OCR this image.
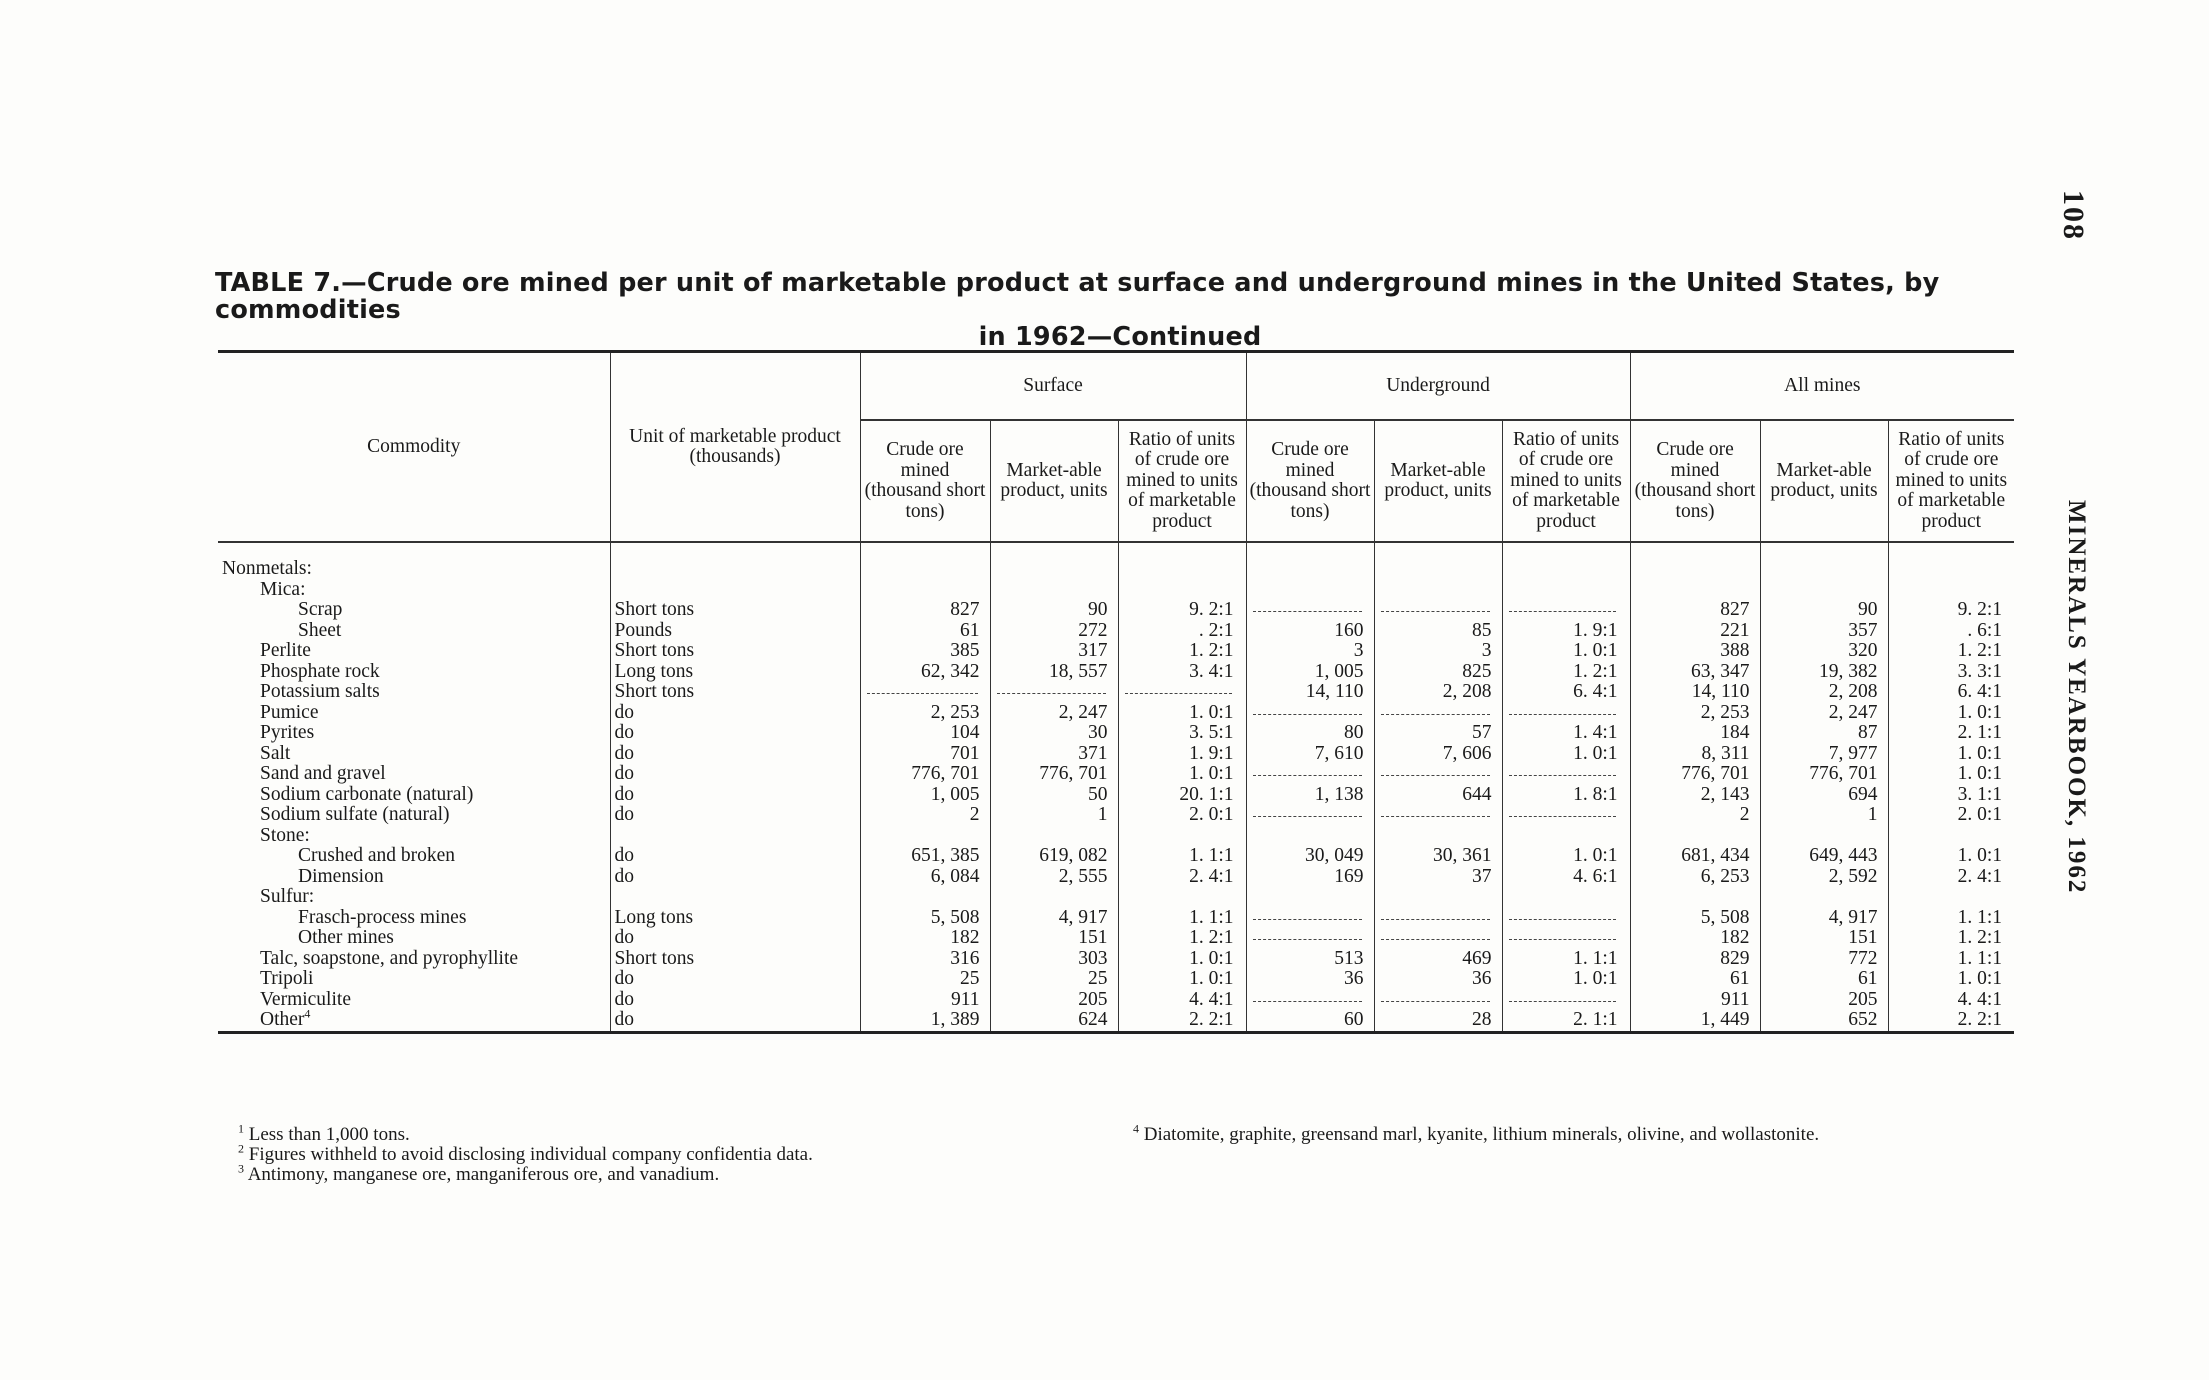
108
MINERALS YEARBOOK, 1962
TABLE 7.—Crude ore mined per unit of marketable product at surface and underground mines in the United States, by commodities
in 1962—Continued
Commodity	Unit of marketable product (thousands)	Surface			Underground			All mines		
		Crude ore mined (thousand short tons)	Market-able product, units	Ratio of units of crude ore mined to units of marketable product	Crude ore mined (thousand short tons)	Market-able product, units	Ratio of units of crude ore mined to units of marketable product	Crude ore mined (thousand short tons)	Market-able product, units	Ratio of units of crude ore mined to units of marketable product

Nonmetals:										
Mica:										
Scrap	Short tons	827	90	9. 2:1				827	90	9. 2:1
Sheet	Pounds	61	272	. 2:1	160	85	1. 9:1	221	357	. 6:1
Perlite	Short tons	385	317	1. 2:1	3	3	1. 0:1	388	320	1. 2:1
Phosphate rock	Long tons	62, 342	18, 557	3. 4:1	1, 005	825	1. 2:1	63, 347	19, 382	3. 3:1
Potassium salts	Short tons				14, 110	2, 208	6. 4:1	14, 110	2, 208	6. 4:1
Pumice	do	2, 253	2, 247	1. 0:1				2, 253	2, 247	1. 0:1
Pyrites	do	104	30	3. 5:1	80	57	1. 4:1	184	87	2. 1:1
Salt	do	701	371	1. 9:1	7, 610	7, 606	1. 0:1	8, 311	7, 977	1. 0:1
Sand and gravel	do	776, 701	776, 701	1. 0:1				776, 701	776, 701	1. 0:1
Sodium carbonate (natural)	do	1, 005	50	20. 1:1	1, 138	644	1. 8:1	2, 143	694	3. 1:1
Sodium sulfate (natural)	do	2	1	2. 0:1				2	1	2. 0:1
Stone:										
Crushed and broken	do	651, 385	619, 082	1. 1:1	30, 049	30, 361	1. 0:1	681, 434	649, 443	1. 0:1
Dimension	do	6, 084	2, 555	2. 4:1	169	37	4. 6:1	6, 253	2, 592	2. 4:1
Sulfur:										
Frasch-process mines	Long tons	5, 508	4, 917	1. 1:1				5, 508	4, 917	1. 1:1
Other mines	do	182	151	1. 2:1				182	151	1. 2:1
Talc, soapstone, and pyrophyllite	Short tons	316	303	1. 0:1	513	469	1. 1:1	829	772	1. 1:1
Tripoli	do	25	25	1. 0:1	36	36	1. 0:1	61	61	1. 0:1
Vermiculite	do	911	205	4. 4:1				911	205	4. 4:1
Other$^4$	do	1, 389	624	2. 2:1	60	28	2. 1:1	1, 449	652	2. 2:1
$^1$ Less than 1,000 tons.
$^2$ Figures withheld to avoid disclosing individual company confidentia data.
$^3$ Antimony, manganese ore, manganiferous ore, and vanadium.
$^4$ Diatomite, graphite, greensand marl, kyanite, lithium minerals, olivine, and wollastonite.
